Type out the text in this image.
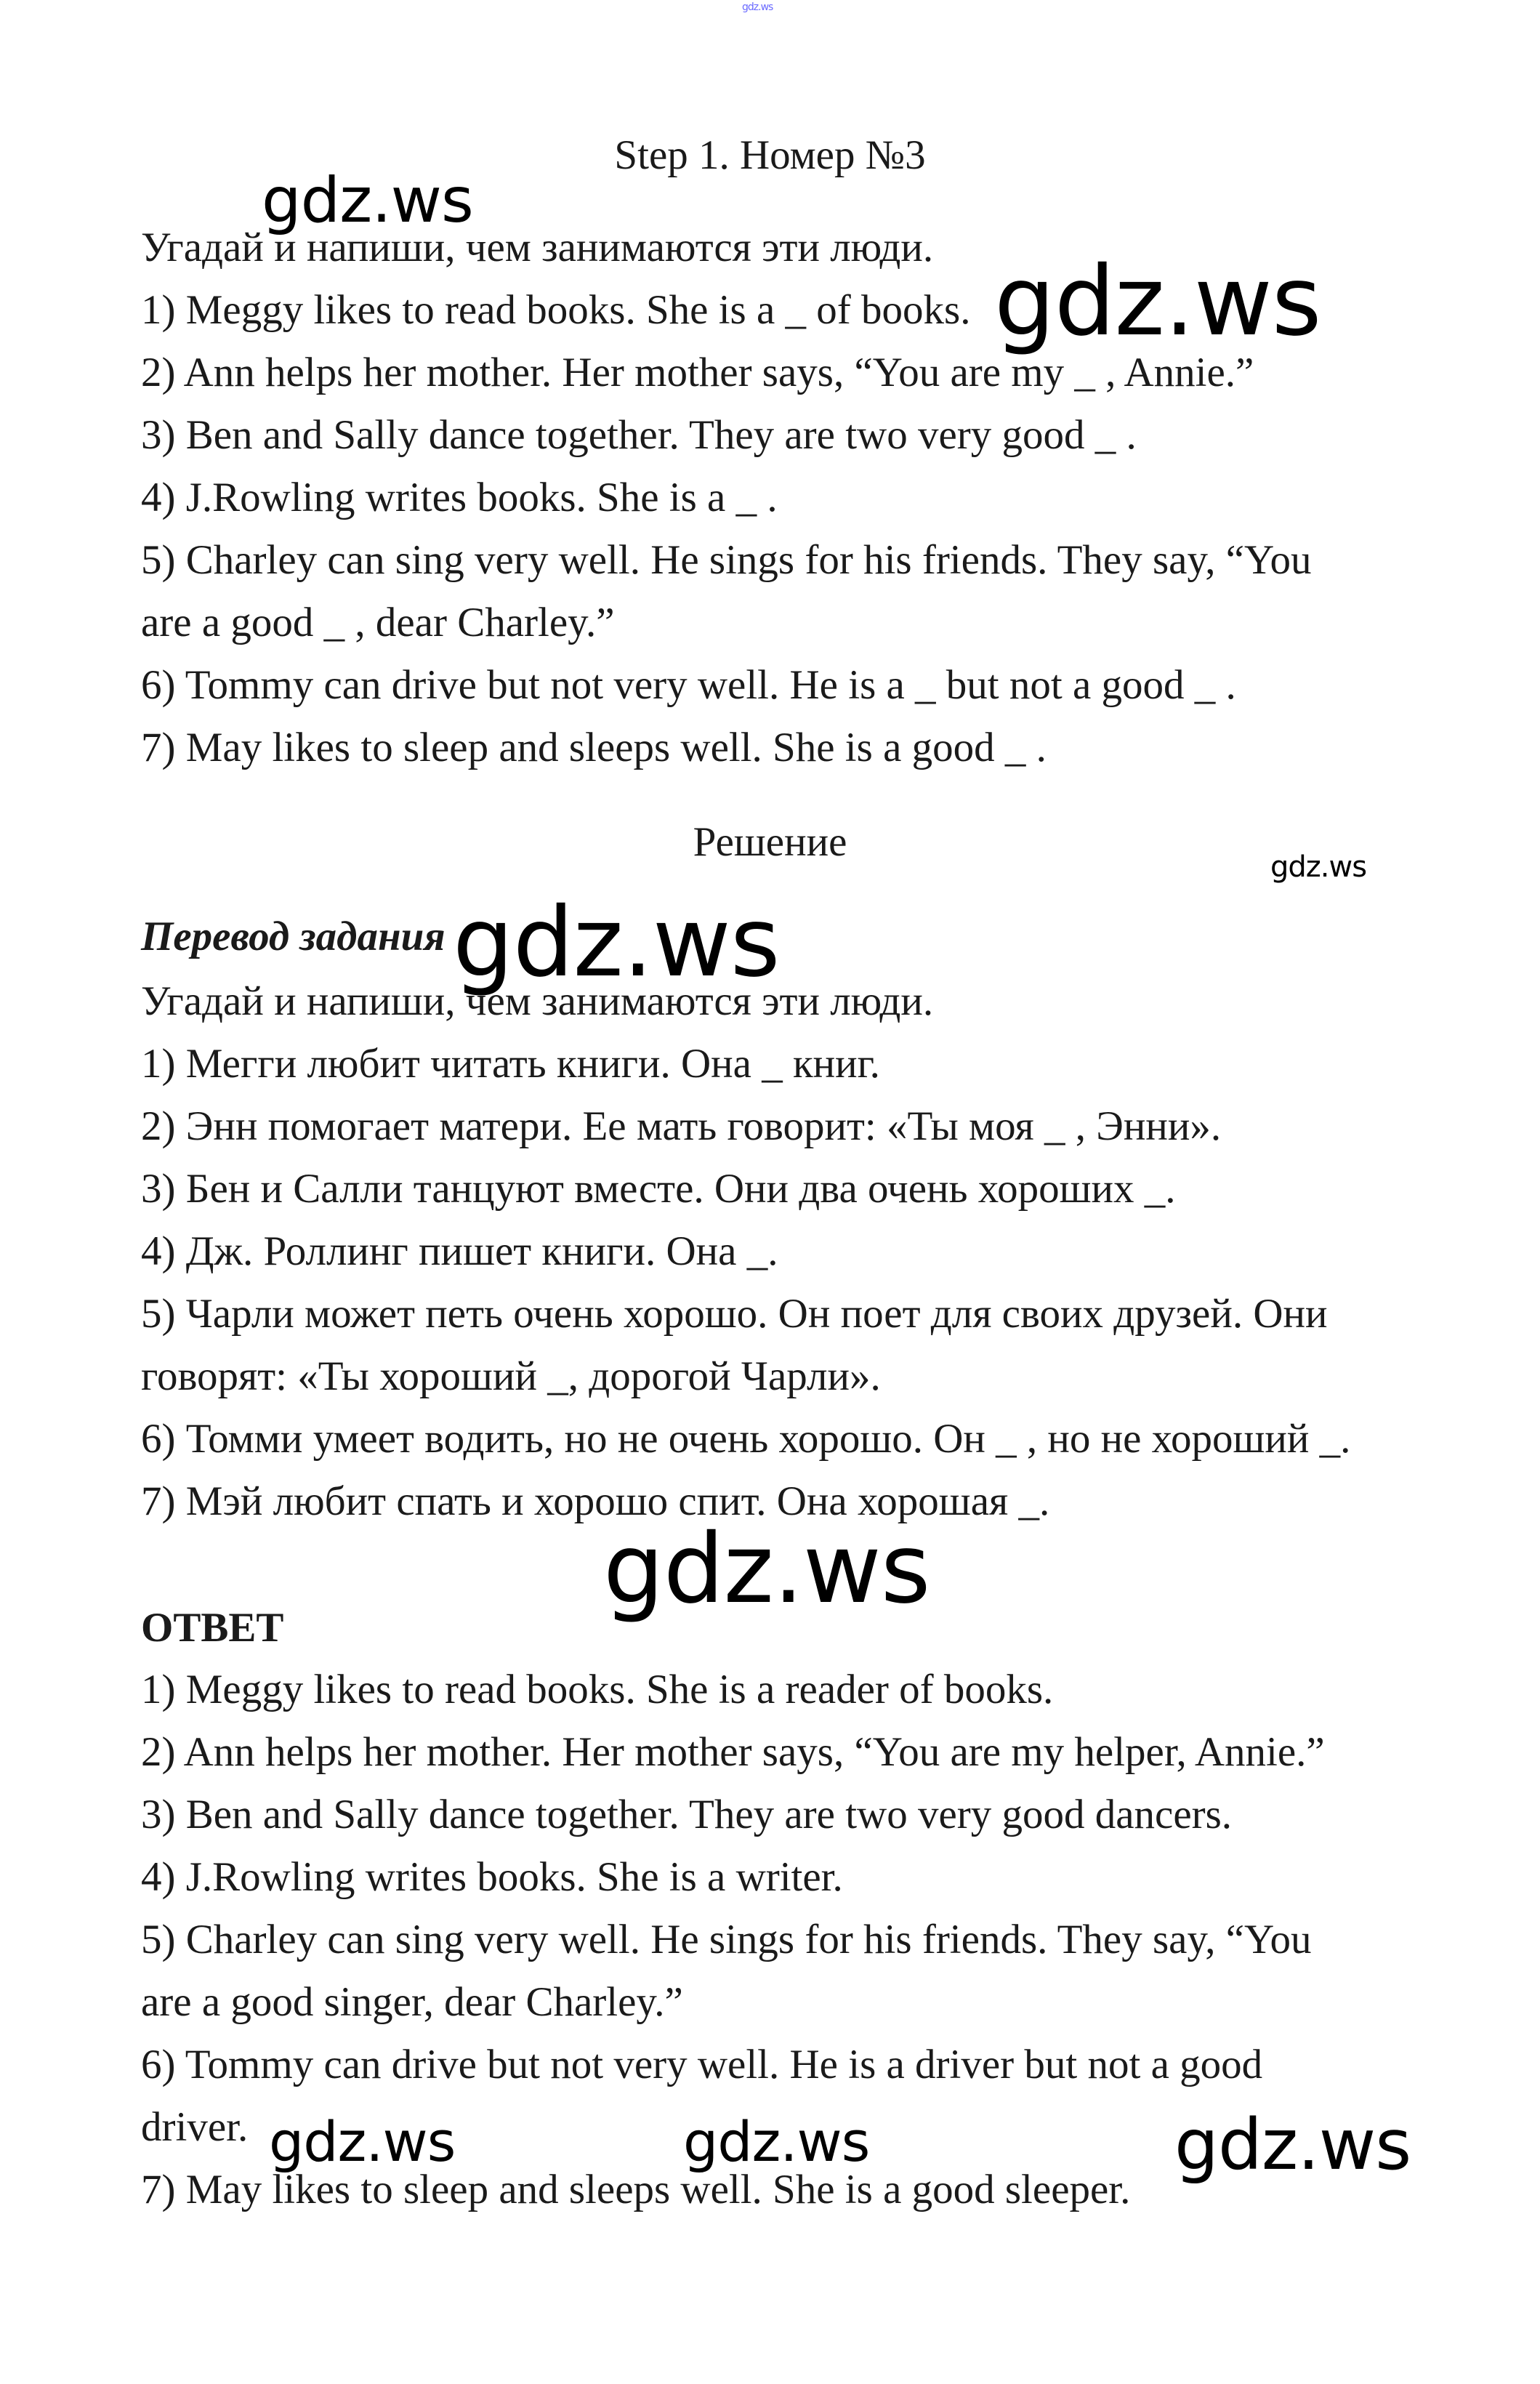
gdz.ws
Step 1. Номер №3
Угадай и напиши, чем занимаются эти люди.
1) Meggy likes to read books. She is a _ of books.
2) Ann helps her mother. Her mother says, “You are my _ , Annie.”
3) Ben and Sally dance together. They are two very good _ .
4) J.Rowling writes books. She is a _ .
5) Charley can sing very well. He sings for his friends. They say, “You
are a good _ , dear Charley.”
6) Tommy can drive but not very well. He is a _ but not a good _ .
7) May likes to sleep and sleeps well. She is a good _ .
Решение
Перевод задания
Угадай и напиши, чем занимаются эти люди.
1) Мегги любит читать книги. Она _ книг.
2) Энн помогает матери. Ее мать говорит: «Ты моя _ , Энни».
3) Бен и Салли танцуют вместе. Они два очень хороших _.
4) Дж. Роллинг пишет книги. Она _.
5) Чарли может петь очень хорошо. Он поет для своих друзей. Они
говорят: «Ты хороший _, дорогой Чарли».
6) Томми умеет водить, но не очень хорошо. Он _ , но не хороший _.
7) Мэй любит спать и хорошо спит. Она хорошая _.
ОТВЕТ
1) Meggy likes to read books. She is a reader of books.
2) Ann helps her mother. Her mother says, “You are my helper, Annie.”
3) Ben and Sally dance together. They are two very good dancers.
4) J.Rowling writes books. She is a writer.
5) Charley can sing very well. He sings for his friends. They say, “You
are a good singer, dear Charley.”
6) Tommy can drive but not very well. He is a driver but not a good
driver.
7) May likes to sleep and sleeps well. She is a good sleeper.
gdz.ws
gdz.ws
gdz.ws
gdz.ws
gdz.ws
gdz.ws	gdz.ws	gdz.ws
